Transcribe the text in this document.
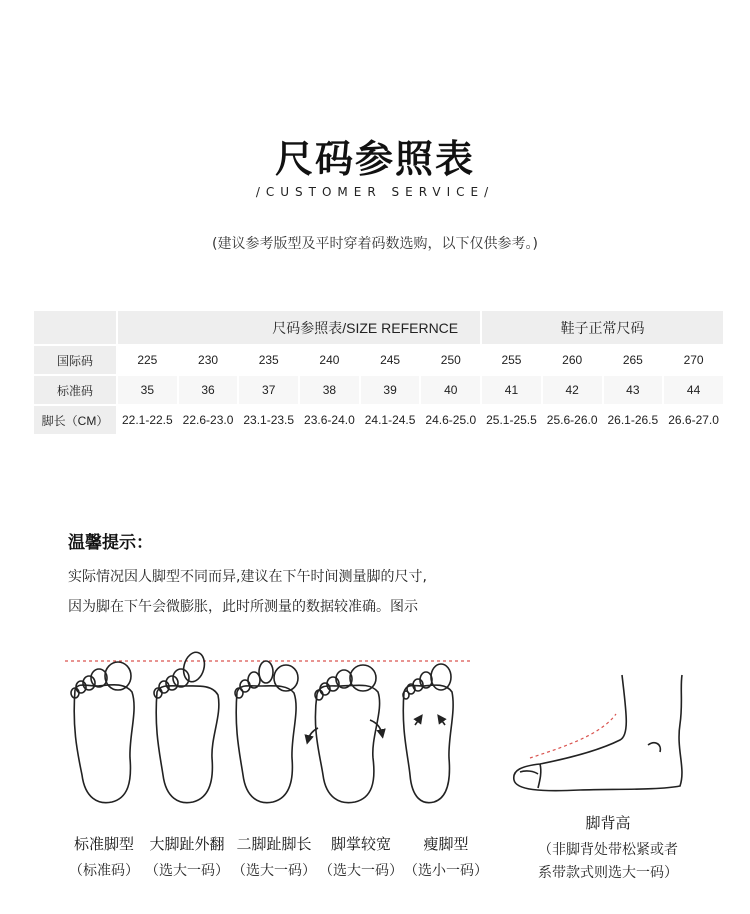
尺码参照表
/CUSTOMER SERVICE/
(建议参考版型及平时穿着码数选购，以下仅供参考。)
	尺码参照表/SIZE REFERNCE						鞋子正常尺码			
国际码	225	230	235	240	245	250	255	260	265	270
标准码	35	36	37	38	39	40	41	42	43	44
脚长（CM）	22.1-22.5	22.6-23.0	23.1-23.5	23.6-24.0	24.1-24.5	24.6-25.0	25.1-25.5	25.6-26.0	26.1-26.5	26.6-27.0
温馨提示：
实际情况因人脚型不同而异,建议在下午时间测量脚的尺寸,
因为脚在下午会微膨胀，此时所测量的数据较准确。图示
标准脚型
（标准码）
大脚趾外翻
（选大一码）
二脚趾脚长
（选大一码）
脚掌较宽
（选大一码）
瘦脚型
（选小一码）
脚背高
（非脚背处带松紧或者
系带款式则选大一码）
